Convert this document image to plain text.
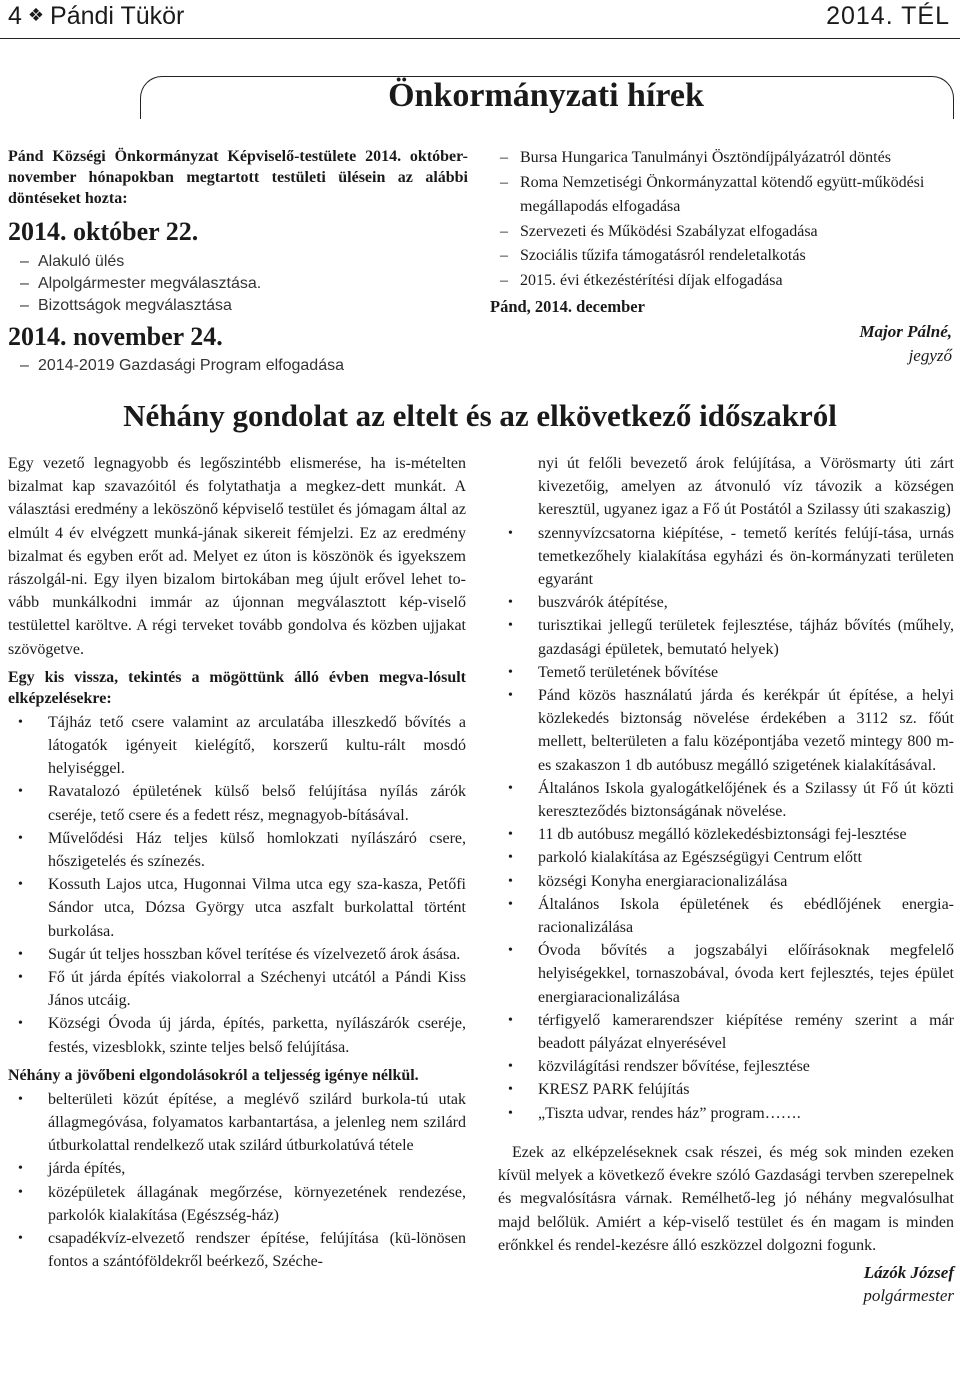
4 ❖ Pándi Tükör	2014. TÉL
Önkormányzati hírek

Pánd Községi Önkormányzat Képviselő-testülete 2014. október-november hónapokban megtartott testületi ülésein az alábbi döntéseket hozta:

2014. október 22.
– Alakuló ülés
– Alpolgármester megválasztása.
– Bizottságok megválasztása
2014. november 24.
– 2014-2019 Gazdasági Program elfogadása
– Bursa Hungarica Tanulmányi Ösztöndíjpályázatról döntés
– Roma Nemzetiségi Önkormányzattal kötendő együtt-működési megállapodás elfogadása
– Szervezeti és Működési Szabályzat elfogadása
– Szociális tűzifa támogatásról rendeletalkotás
– 2015. évi étkezéstérítési díjak elfogadása
Pánd, 2014. december
Major Pálné,
jegyző
Néhány gondolat az eltelt és az elkövetkező időszakról

Egy vezető legnagyobb és legőszintébb elismerése, ha is-mételten bizalmat kap szavazóitól és folytathatja a megkez-dett munkát. A választási eredmény a leköszönő képviselő testület és jómagam által az elmúlt 4 év elvégzett munká-jának sikereit fémjelzi. Ez az eredmény bizalmat és egyben erőt ad. Melyet ez úton is köszönök és igyekszem rászolgál-ni. Egy ilyen bizalom birtokában meg újult erővel lehet to-vább munkálkodni immár az újonnan megválasztott kép-viselő testülettel karöltve. A régi terveket tovább gondolva és közben ujjakat szövögetve.

Egy kis vissza, tekintés a mögöttünk álló évben megva-lósult elképzelésekre:

• Tájház tető csere valamint az arculatába illeszkedő bővítés a látogatók igényeit kielégítő, korszerű kultu-rált mosdó helyiséggel.
• Ravatalozó épületének külső belső felújítása nyílás zárók cseréje, tető csere és a fedett rész, megnagyob-bításával.
• Művelődési Ház teljes külső homlokzati nyílászáró csere, hőszigetelés és színezés.
• Kossuth Lajos utca, Hugonnai Vilma utca egy sza-kasza, Petőfi Sándor utca, Dózsa György utca aszfalt burkolattal történt burkolása.
• Sugár út teljes hosszban kővel terítése és vízelvezető árok ásása.
• Fő út járda építés viakolorral a Széchenyi utcától a Pándi Kiss János utcáig.
• Községi Óvoda új járda, építés, parketta, nyílászárók cseréje, festés, vizesblokk, szinte teljes belső felújítása.

Néhány a jövőbeni elgondolásokról a teljesség igénye nélkül.

• belterületi közút építése, a meglévő szilárd burkola-tú utak állagmegóvása, folyamatos karbantartása, a jelenleg nem szilárd útburkolattal rendelkező utak szilárd útburkolatúvá tétele
• járda építés,
• középületek állagának megőrzése, környezetének rendezése, parkolók kialakítása (Egészség-ház)
• csapadékvíz-elvezető rendszer építése, felújítása (kü-lönösen fontos a szántóföldekről beérkező, Széche-

nyi út felőli bevezető árok felújítása, a Vörösmarty úti zárt kivezetőig, amelyen az átvonuló víz távozik a községen keresztül, ugyanez igaz a Fő út Postától a Szilassy úti szakaszig)

• szennyvízcsatorna kiépítése, - temető kerítés felújí-tása, urnás temetkezőhely kialakítása egyházi és ön-kormányzati területen egyaránt
• buszvárók átépítése,
• turisztikai jellegű területek fejlesztése, tájház bővítés (műhely, gazdasági épületek, bemutató helyek)
• Temető területének bővítése
• Pánd közös használatú járda és kerékpár út építése, a helyi közlekedés biztonság növelése érdekében a 3112 sz. főút mellett, belterületen a falu középontjába vezető mintegy 800 m-es szakaszon 1 db autóbusz megálló szigetének kialakításával.
• Általános Iskola gyalogátkelőjének és a Szilassy út Fő út közti kereszteződés biztonságának növelése.
• 11 db autóbusz megálló közlekedésbiztonsági fej-lesztése
• parkoló kialakítása az Egészségügyi Centrum előtt
• községi Konyha energiaracionalizálása
• Általános Iskola épületének és ebédlőjének energia-racionalizálása
• Óvoda bővítés a jogszabályi előírásoknak megfelelő helyiségekkel, tornaszobával, óvoda kert fejlesztés, tejes épület energiaracionalizálása
• térfigyelő kamerarendszer kiépítése remény szerint a már beadott pályázat elnyerésével
• közvilágítási rendszer bővítése, fejlesztése
• KRESZ PARK felújítás
• „Tiszta udvar, rendes ház” program…….

Ezek az elképzeléseknek csak részei, és még sok minden ezeken kívül melyek a következő évekre szóló Gazdasági tervben szerepelnek és megvalósításra várnak. Remélhető-leg jó néhány megvalósulhat majd belőlük. Amiért a kép-viselő testület és én magam is minden erőnkkel és rendel-kezésre álló eszközzel dolgozni fogunk.

Lázók József
polgármester
